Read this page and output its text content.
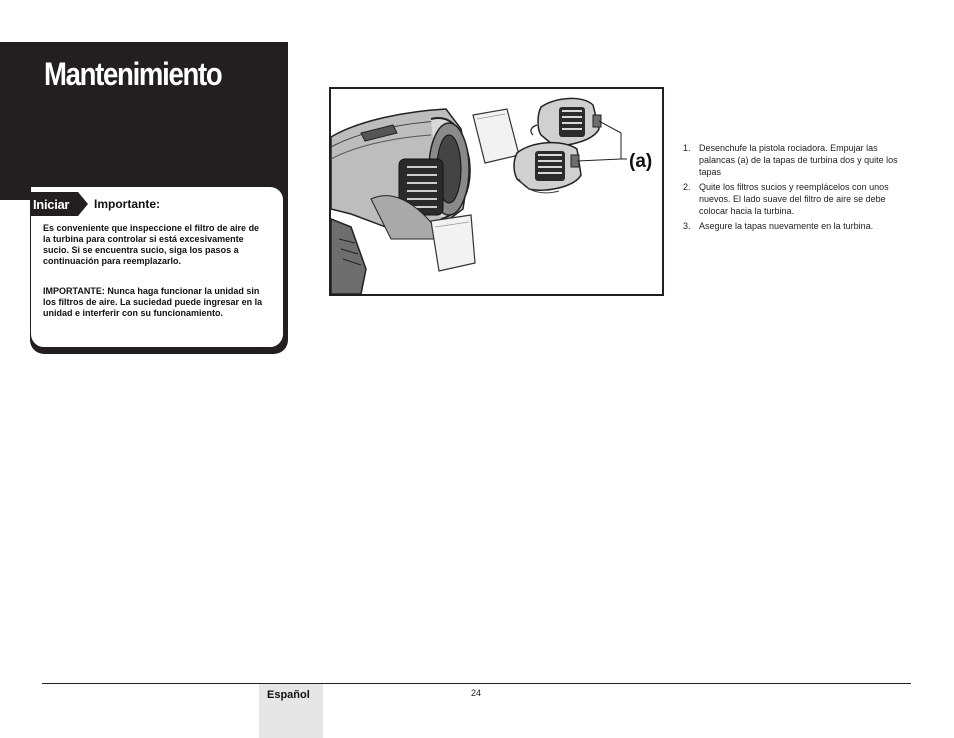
Mantenimiento
Iniciar Importante:

Es conveniente que inspeccione el filtro de aire de la turbina para controlar si está excesivamente sucio. Si se encuentra sucio, siga los pasos a continuación para reemplazarlo.

IMPORTANTE: Nunca haga funcionar la unidad sin los filtros de aire. La suciedad puede ingresar en la unidad e interferir con su funcionamiento.

(a)
1. Desenchufe la pistola rociadora. Empujar las palancas (a) de la tapas de turbina dos y quite los tapas
2. Quite los filtros sucios y reemplácelos con unos nuevos. El lado suave del filtro de aire se debe colocar hacia la turbina.
3. Asegure la tapas nuevamente en la turbina.
Español	24
